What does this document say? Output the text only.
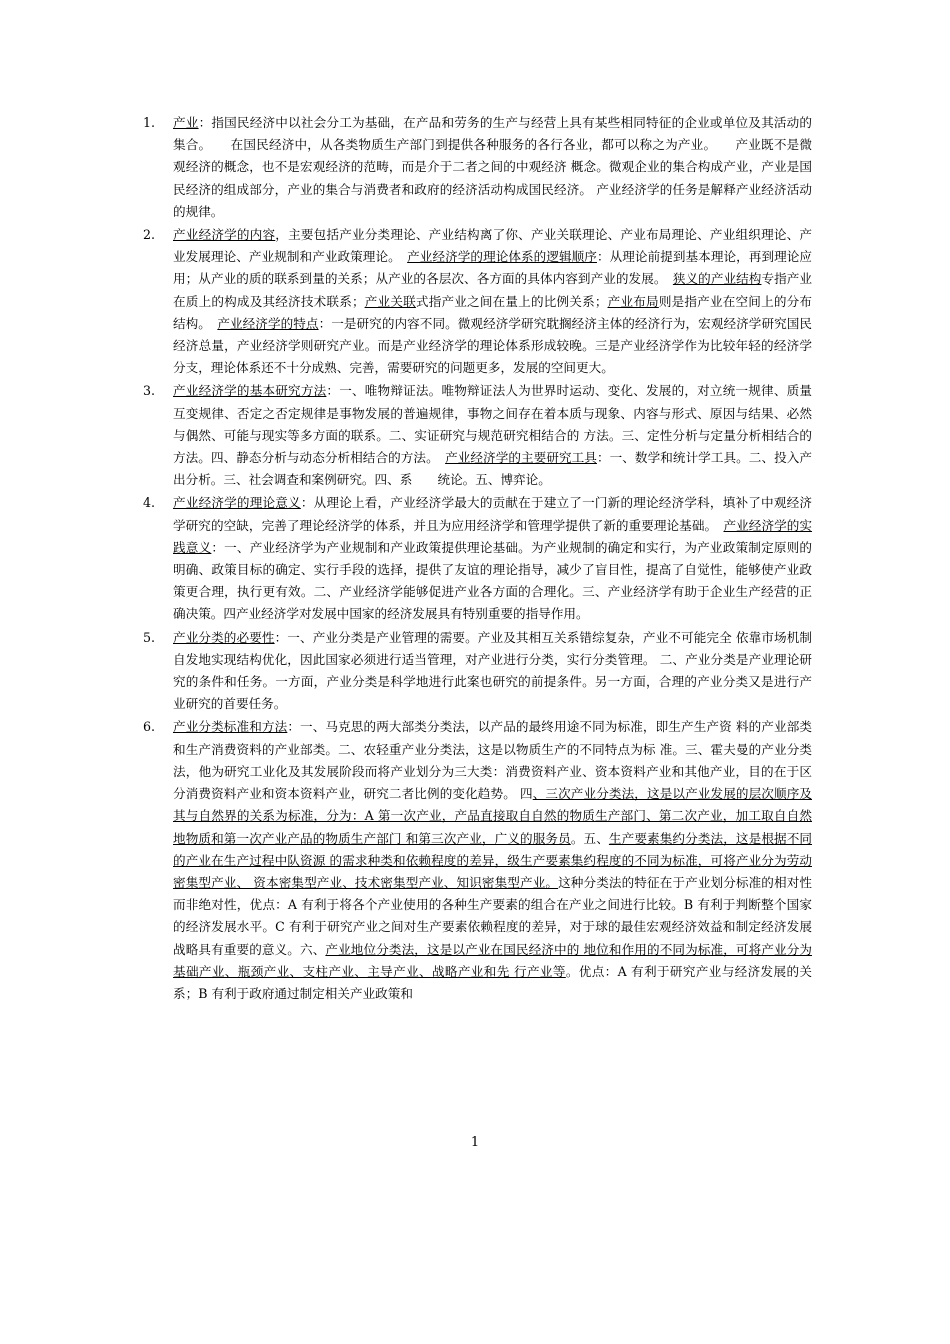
1. 产业：指国民经济中以社会分工为基础，在产品和劳务的生产与经营上具有某些相同特征的企业或单位及其活动的集合。　　在国民经济中，从各类物质生产部门到提供各种服务的各行各业，都可以称之为产业。　　产业既不是微观经济的概念，也不是宏观经济的范畴，而是介于二者之间的中观经济 概念。微观企业的集合构成产业，产业是国民经济的组成部分，产业的集合与消费者和政府的经济活动构成国民经济。 产业经济学的任务是解释产业经济活动的规律。
2. 产业经济学的内容，主要包括产业分类理论、产业结构离了你、产业关联理论、产业布局理论、产业组织理论、产业发展理论、产业规制和产业政策理论。　产业经济学的理论体系的逻辑顺序：从理论前提到基本理论，再到理论应用；从产业的质的联系到量的关系；从产业的各层次、各方面的具体内容到产业的发展。　狭义的产业结构专指产业在质上的构成及其经济技术联系；产业关联式指产业之间在量上的比例关系；产业布局则是指产业在空间上的分布结构。　产业经济学的特点：一是研究的内容不同。微观经济学研究耽搁经济主体的经济行为，宏观经济学研究国民经济总量，产业经济学则研究产业。而是产业经济学的理论体系形成较晚。三是产业经济学作为比较年轻的经济学分支，理论体系还不十分成熟、完善，需要研究的问题更多，发展的空间更大。
3. 产业经济学的基本研究方法：一、唯物辩证法。唯物辩证法人为世界时运动、变化、发展的，对立统一规律、质量互变规律、否定之否定规律是事物发展的普遍规律，事物之间存在着本质与现象、内容与形式、原因与结果、必然与偶然、可能与现实等多方面的联系。二、实证研究与规范研究相结合的 方法。三、定性分析与定量分析相结合的方法。四、静态分析与动态分析相结合的方法。　产业经济学的主要研究工具：一、数学和统计学工具。二、投入产出分析。三、社会调查和案例研究。四、系　　统论。五、博弈论。
4. 产业经济学的理论意义：从理论上看，产业经济学最大的贡献在于建立了一门新的理论经济学科，填补了中观经济学研究的空缺，完善了理论经济学的体系，并且为应用经济学和管理学提供了新的重要理论基础。　产业经济学的实践意义：一、产业经济学为产业规制和产业政策提供理论基础。为产业规制的确定和实行，为产业政策制定原则的明确、政策目标的确定、实行手段的选择，提供了友谊的理论指导，减少了盲目性，提高了自觉性，能够使产业政策更合理，执行更有效。二、产业经济学能够促进产业各方面的合理化。三、产业经济学有助于企业生产经营的正确决策。四产业经济学对发展中国家的经济发展具有特别重要的指导作用。
5. 产业分类的必要性：一、产业分类是产业管理的需要。产业及其相互关系错综复杂，产业不可能完全 依靠市场机制自发地实现结构优化，因此国家必须进行适当管理，对产业进行分类，实行分类管理。 二、产业分类是产业理论研究的条件和任务。一方面，产业分类是科学地进行此案也研究的前提条件。另一方面，合理的产业分类又是进行产业研究的首要任务。
6. 产业分类标准和方法：一、马克思的两大部类分类法，以产品的最终用途不同为标准，即生产生产资 料的产业部类和生产消费资料的产业部类。二、农轻重产业分类法，这是以物质生产的不同特点为标 准。三、霍夫曼的产业分类法，他为研究工业化及其发展阶段而将产业划分为三大类：消费资料产业、资本资料产业和其他产业，目的在于区分消费资料产业和资本资料产业，研究二者比例的变化趋势。 四、三次产业分类法，这是以产业发展的层次顺序及其与自然界的关系为标准，分为：A 第一次产业，产品直接取自自然的物质生产部门、第二次产业，加工取自自然地物质和第一次产业产品的物质生产部门 和第三次产业，广义的服务员。五、生产要素集约分类法，这是根据不同的产业在生产过程中队资源 的需求种类和依赖程度的差异，级生产要素集约程度的不同为标准，可将产业分为劳动密集型产业、 资本密集型产业、技术密集型产业、知识密集型产业。这种分类法的特征在于产业划分标准的相对性 而非绝对性，优点：A 有利于将各个产业使用的各种生产要素的组合在产业之间进行比较。B 有利于判断整个国家的经济发展水平。C 有利于研究产业之间对生产要素依赖程度的差异，对于球的最佳宏观经济效益和制定经济发展战略具有重要的意义。六、产业地位分类法，这是以产业在国民经济中的 地位和作用的不同为标准，可将产业分为基础产业、瓶颈产业、支柱产业、主导产业、战略产业和先 行产业等。优点：A 有利于研究产业与经济发展的关系；B 有利于政府通过制定相关产业政策和
1
